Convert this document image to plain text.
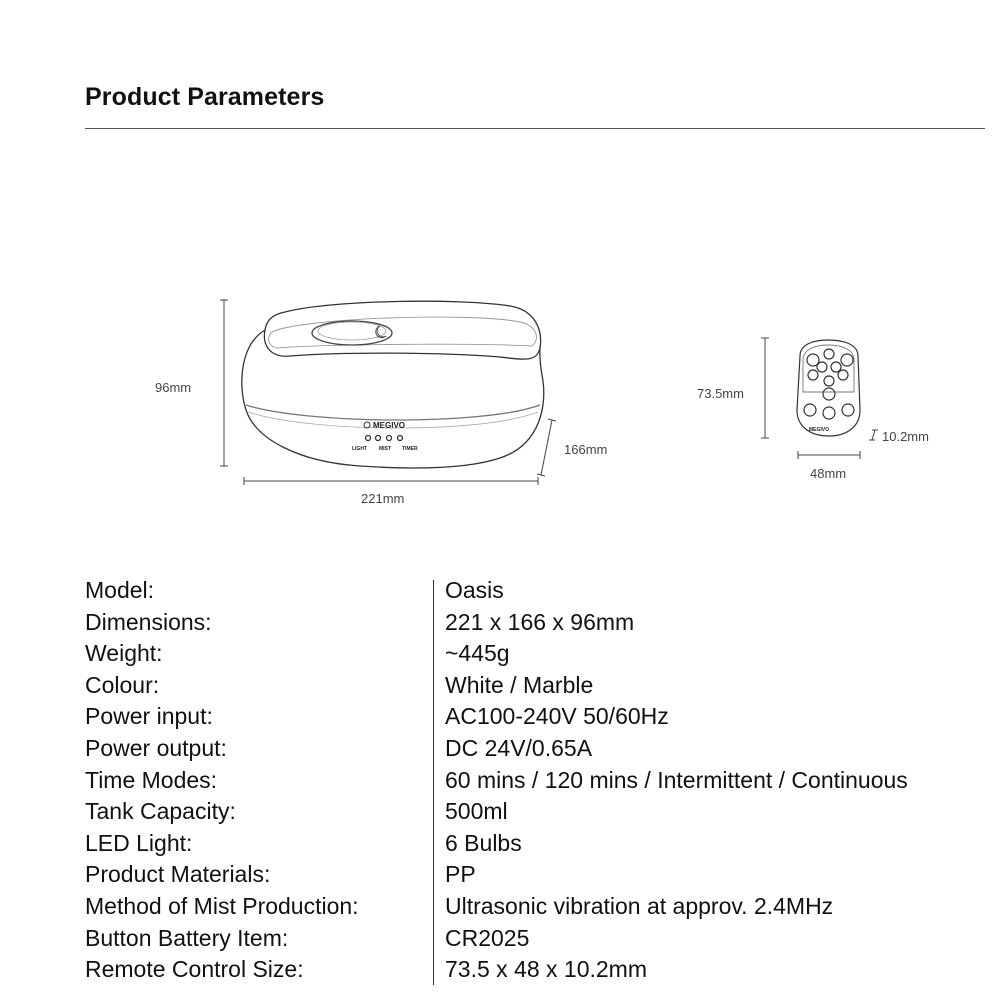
Product Parameters
MEGIVO
LIGHT MIST TIMER
MEGIVO
96mm
221mm
166mm
73.5mm
48mm
10.2mm
Model:	Oasis
Dimensions:	221 x 166 x 96mm
Weight:	~445g
Colour:	White / Marble
Power input:	AC100-240V 50/60Hz
Power output:	DC 24V/0.65A
Time Modes:	60 mins / 120 mins / Intermittent / Continuous
Tank Capacity:	500ml
LED Light:	6 Bulbs
Product Materials:	PP
Method of Mist Production:	Ultrasonic vibration at approv. 2.4MHz
Button Battery Item:	CR2025
Remote Control Size:	73.5 x 48 x 10.2mm
